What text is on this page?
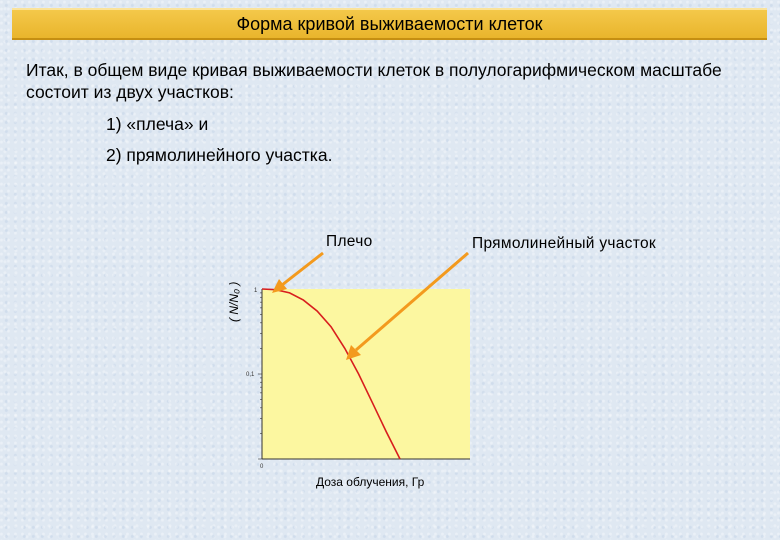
Форма кривой выживаемости клеток
Итак, в общем виде кривая выживаемости клеток в полулогарифмическом масштабе состоит из двух участков:
1) «плеча» и
2) прямолинейного участка.
Плечо	Прямолинейный участок
1
0,1
0
( N/N₀ )
Доза облучения, Гр
